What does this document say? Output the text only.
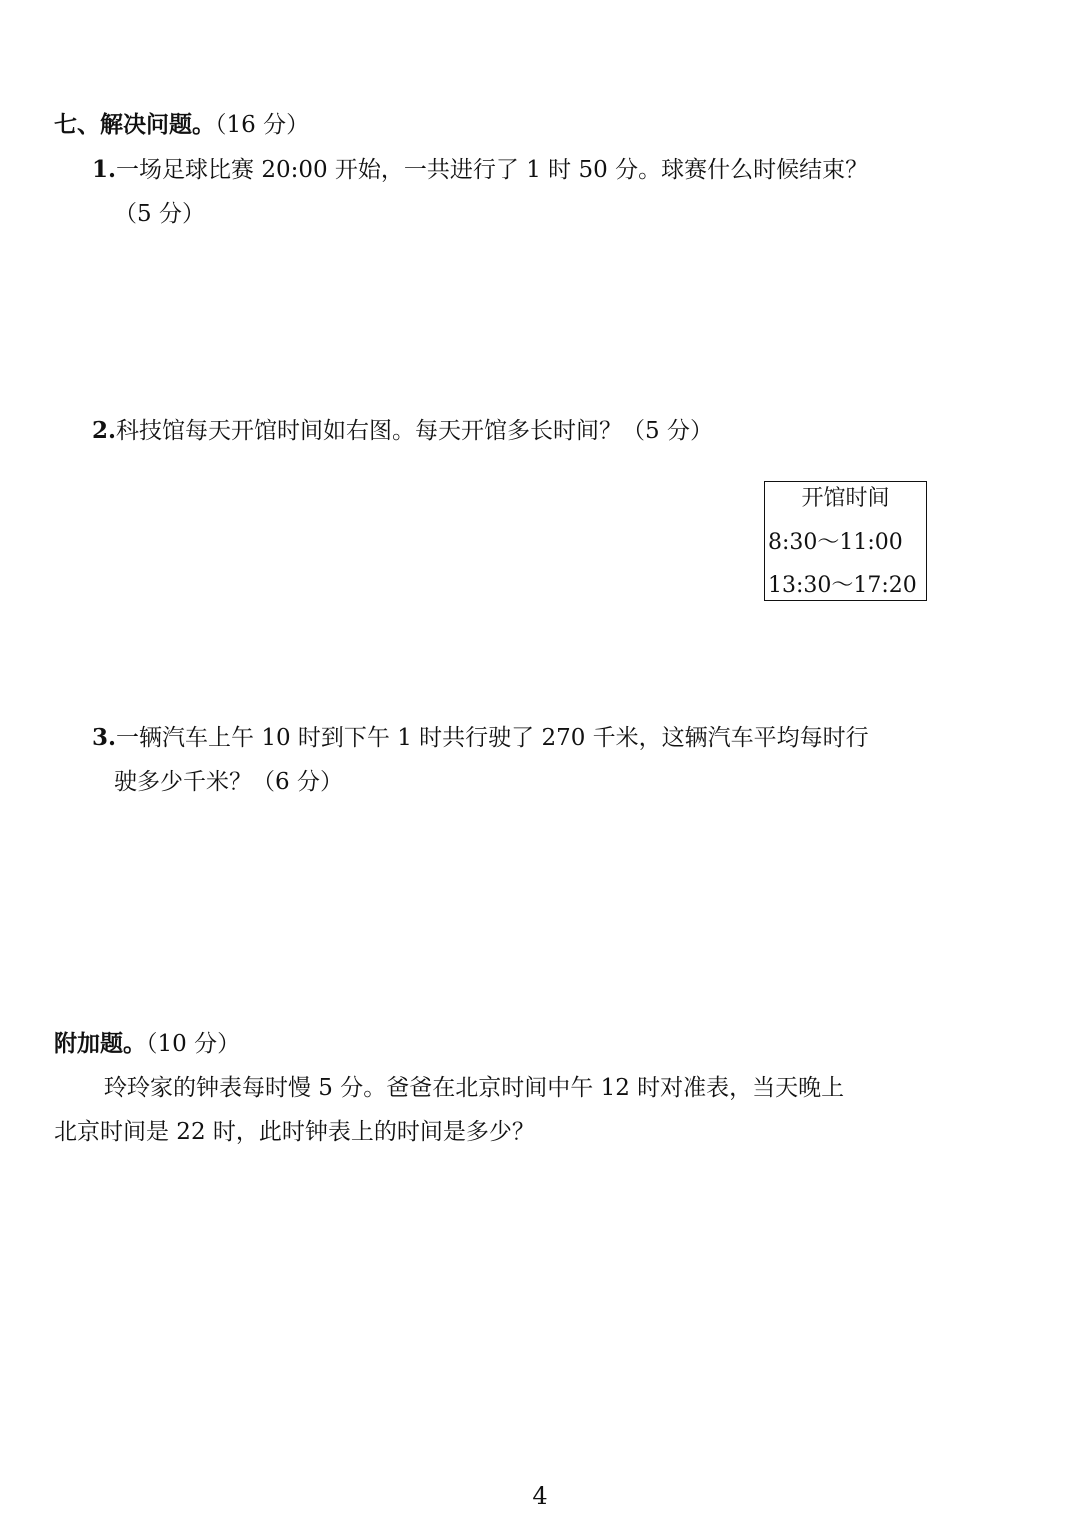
七、解决问题。（16 分）
1.一场足球比赛 20:00 开始，一共进行了 1 时 50 分。球赛什么时候结束？
（5 分）
2.科技馆每天开馆时间如右图。每天开馆多长时间？（5 分）
开馆时间
8:30～11:00
13:30～17:20
3.一辆汽车上午 10 时到下午 1 时共行驶了 270 千米，这辆汽车平均每时行
驶多少千米？（6 分）
附加题。（10 分）
玲玲家的钟表每时慢 5 分。爸爸在北京时间中午 12 时对准表，当天晚上
北京时间是 22 时，此时钟表上的时间是多少？
4
